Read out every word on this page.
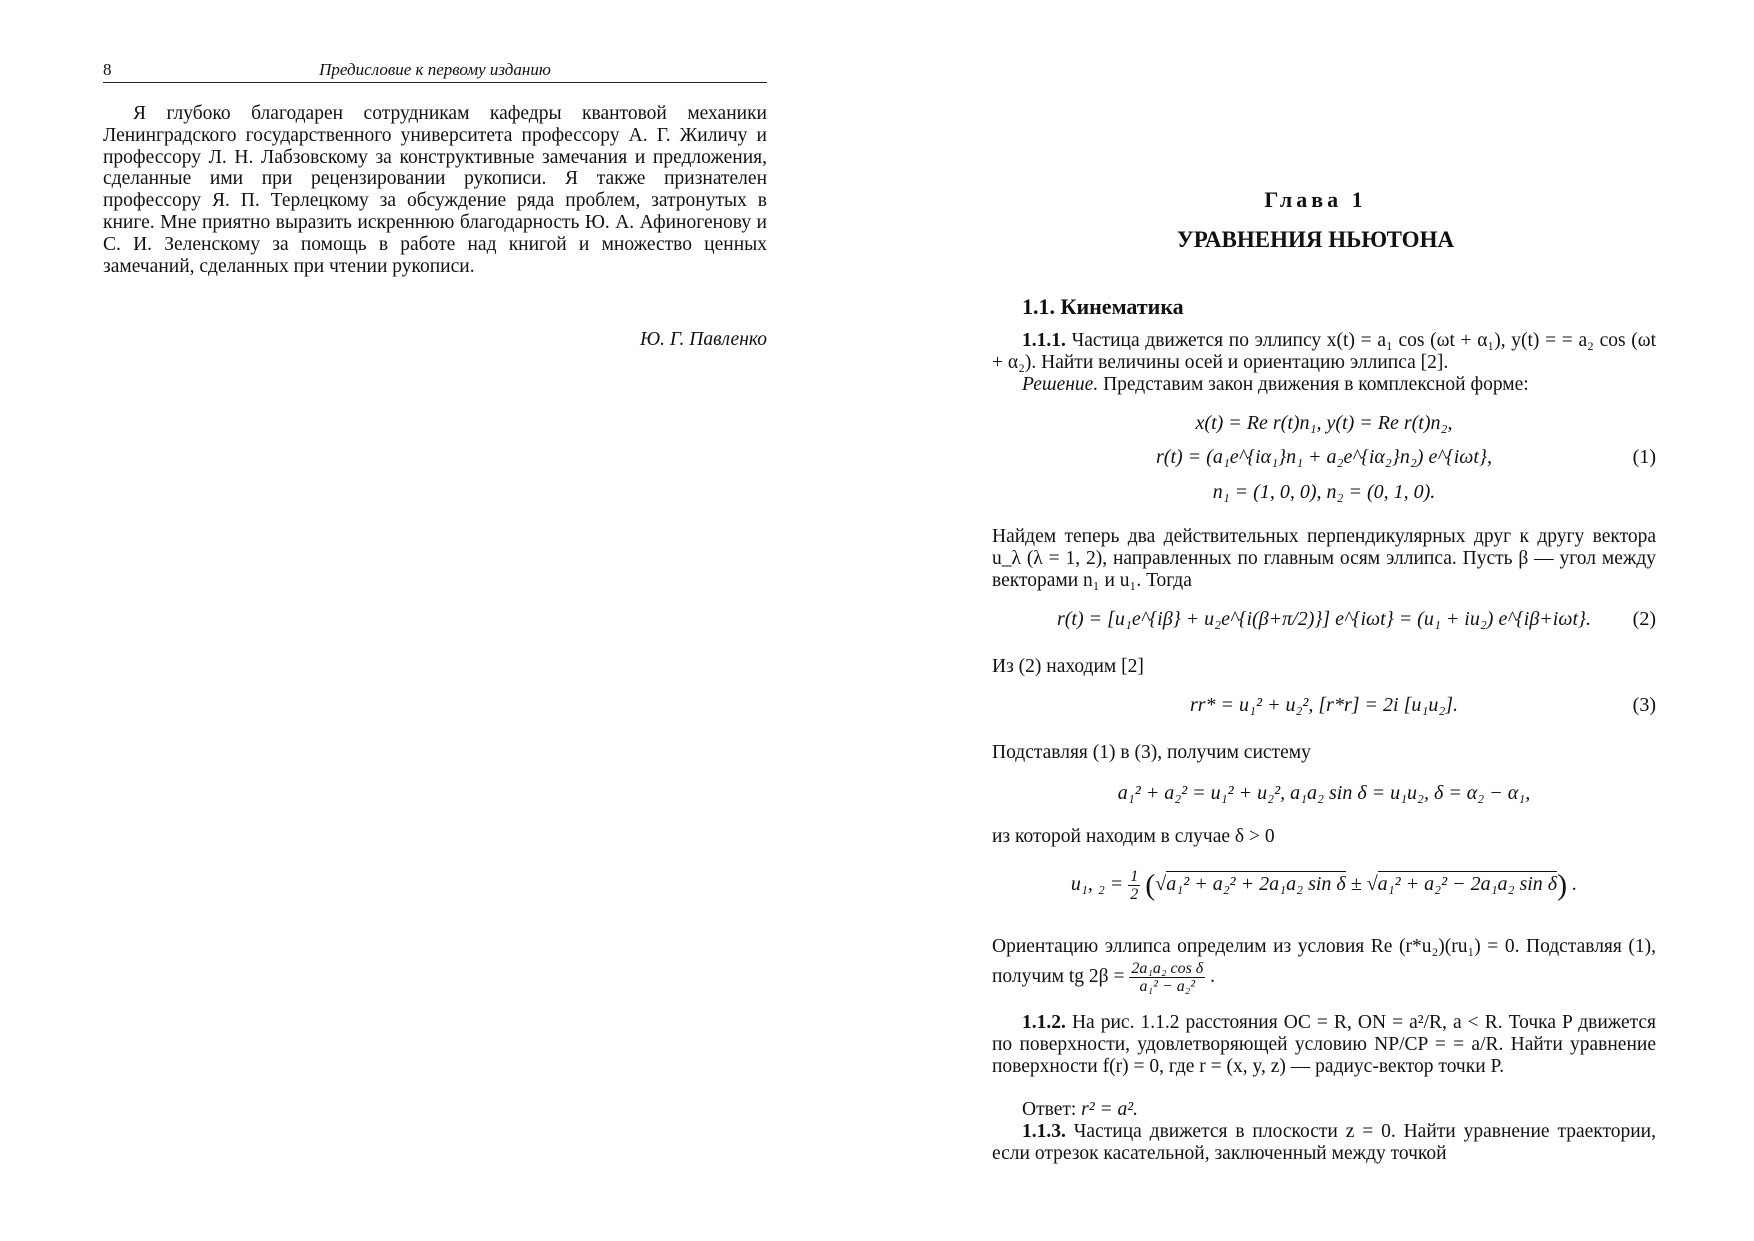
8	Предисловие к первому изданию

Я глубоко благодарен сотрудникам кафедры квантовой механики Ленинградского государственного университета профессору А. Г. Жиличу и профессору Л. Н. Лабзовскому за конструктивные замечания и предложения, сделанные ими при рецензировании рукописи. Я также признателен профессору Я. П. Терлецкому за обсуждение ряда проблем, затронутых в книге. Мне приятно выразить искреннюю благодарность Ю. А. Афиногенову и С. И. Зеленскому за помощь в работе над книгой и множество ценных замечаний, сделанных при чтении рукописи.

Ю. Г. Павленко
Глава 1
УРАВНЕНИЯ НЬЮТОНА
1.1. Кинематика

1.1.1. Частица движется по эллипсу x(t) = a₁ cos (ωt + α₁), y(t) = = a₂ cos (ωt + α₂). Найти величины осей и ориентацию эллипса [2].

Решение. Представим закон движения в комплексной форме:

x(t) = Re r(t)n₁, y(t) = Re r(t)n₂,
r(t) = (a₁e^{iα₁}n₁ + a₂e^{iα₂}n₂) e^{iωt},	(1)
n₁ = (1, 0, 0), n₂ = (0, 1, 0).

Найдем теперь два действительных перпендикулярных друг к другу вектора u_λ (λ = 1, 2), направленных по главным осям эллипса. Пусть β — угол между векторами n₁ и u₁. Тогда

r(t) = [u₁e^{iβ} + u₂e^{i(β+π/2)}] e^{iωt} = (u₁ + iu₂) e^{iβ+iωt}. (2)

Из (2) находим [2]

rr* = u₁² + u₂², [r*r] = 2i [u₁u₂].	(3)

Подставляя (1) в (3), получим систему

a₁² + a₂² = u₁² + u₂², a₁a₂ sin δ = u₁u₂, δ = α₂ − α₁,

из которой находим в случае δ > 0

u₁, $_2 = \frac{1}{2} (√a_1^2 + a_2^2 + 2a_1a_2$ sin δ ± √a₁² + a₂² − 2a₁a₂ sin δ) .

Ориентацию эллипса определим из условия Re (r*u₂)(ru₁) = 0. Подставляя (1), получим tg $2\beta = \frac{\text{2a₁a₂ cos δ}}{\text{a₁² − a₂²}}$ .

1.1.2. На рис. 1.1.2 расстояния OC = R, ON = a²/R, a < R. Точка P движется по поверхности, удовлетворяющей условию NP/CP = = a/R. Найти уравнение поверхности f(r) = 0, где r = (x, y, z) — радиус-вектор точки P.

Ответ: r² = a².

1.1.3. Частица движется в плоскости z = 0. Найти уравнение траектории, если отрезок касательной, заключенный между точкой
